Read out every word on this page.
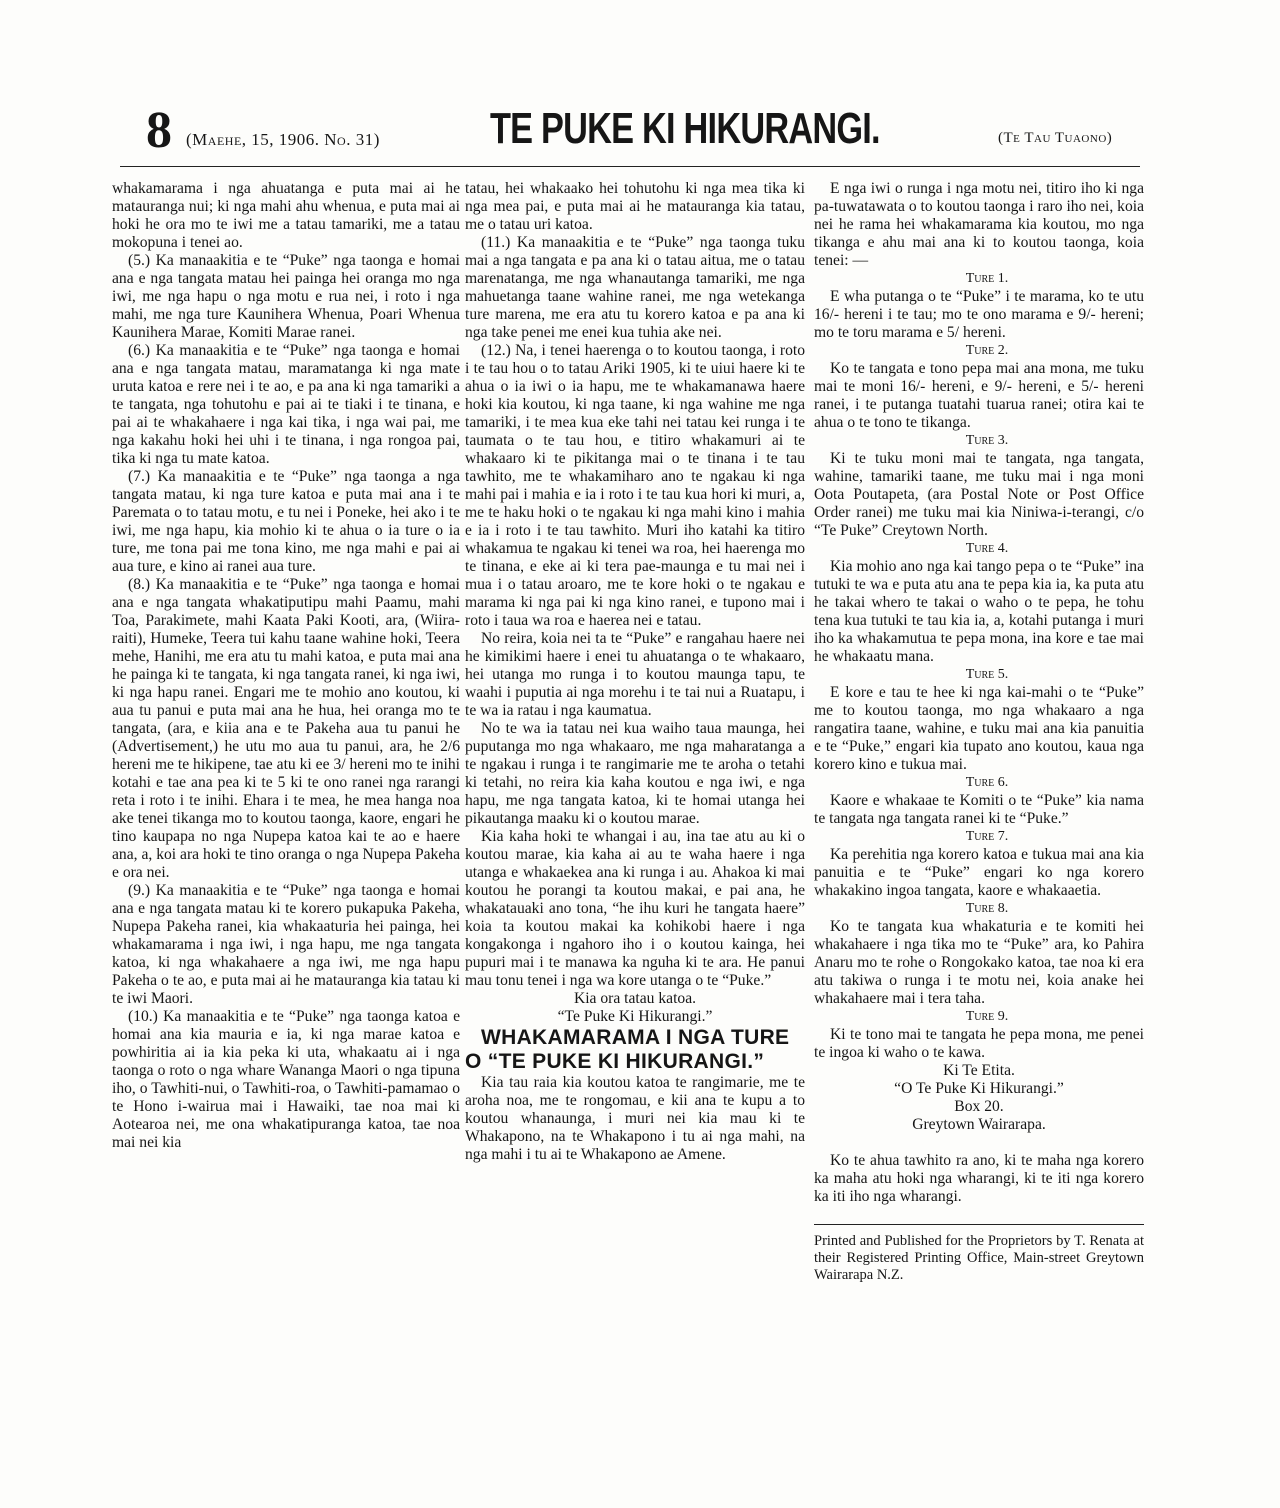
8 (Maehe, 15, 1906. No. 31)	TE PUKE KI HIKURANGI.	(Te Tau Tuaono)

whakamarama i nga ahuatanga e puta mai ai he matauranga nui; ki nga mahi ahu whenua, e puta mai ai hoki he ora mo te iwi me a tatau tamariki, me a tatau mokopuna i tenei ao.

(5.) Ka manaakitia e te “Puke” nga taonga e homai ana e nga tangata matau hei painga hei oranga mo nga iwi, me nga hapu o nga motu e rua nei, i roto i nga mahi, me nga ture Kaunihera Whenua, Poari Whenua Kaunihera Marae, Komiti Marae ranei.

(6.) Ka manaakitia e te “Puke” nga taonga e homai ana e nga tangata matau, maramatanga ki nga mate uruta katoa e rere nei i te ao, e pa ana ki nga tamariki a te tangata, nga tohutohu e pai ai te tiaki i te tinana, e pai ai te whakahaere i nga kai tika, i nga wai pai, me nga kakahu hoki hei uhi i te tinana, i nga rongoa pai, tika ki nga tu mate katoa.

(7.) Ka manaakitia e te “Puke” nga taonga a nga tangata matau, ki nga ture katoa e puta mai ana i te Paremata o to tatau motu, e tu nei i Poneke, hei ako i te iwi, me nga hapu, kia mohio ki te ahua o ia ture o ia ture, me tona pai me tona kino, me nga mahi e pai ai aua ture, e kino ai ranei aua ture.

(8.) Ka manaakitia e te “Puke” nga taonga e homai ana e nga tangata whakatiputipu mahi Paamu, mahi Toa, Parakimete, mahi Kaata Paki Kooti, ara, (Wiira-raiti), Humeke, Teera tui kahu taane wahine hoki, Teera mehe, Hanihi, me era atu tu mahi katoa, e puta mai ana he painga ki te tangata, ki nga tangata ranei, ki nga iwi, ki nga hapu ranei. Engari me te mohio ano koutou, ki aua tu panui e puta mai ana he hua, hei oranga mo te tangata, (ara, e kiia ana e te Pakeha aua tu panui he (Advertisement,) he utu mo aua tu panui, ara, he 2/6 hereni me te hikipene, tae atu ki ee 3/ hereni mo te inihi kotahi e tae ana pea ki te 5 ki te ono ranei nga rarangi reta i roto i te inihi. Ehara i te mea, he mea hanga noa ake tenei tikanga mo to koutou taonga, kaore, engari he tino kaupapa no nga Nupepa katoa kai te ao e haere ana, a, koi ara hoki te tino oranga o nga Nupepa Pakeha e ora nei.

(9.) Ka manaakitia e te “Puke” nga taonga e homai ana e nga tangata matau ki te korero pukapuka Pakeha, Nupepa Pakeha ranei, kia whakaaturia hei painga, hei whakamarama i nga iwi, i nga hapu, me nga tangata katoa, ki nga whakahaere a nga iwi, me nga hapu Pakeha o te ao, e puta mai ai he matauranga kia tatau ki te iwi Maori.

(10.) Ka manaakitia e te “Puke” nga taonga katoa e homai ana kia mauria e ia, ki nga marae katoa e powhiritia ai ia kia peka ki uta, whakaatu ai i nga taonga o roto o nga whare Wananga Maori o nga tipuna iho, o Tawhiti-nui, o Tawhiti-roa, o Tawhiti-pamamao o te Hono i-wairua mai i Hawaiki, tae noa mai ki Aotearoa nei, me ona whakatipuranga katoa, tae noa mai nei kia

tatau, hei whakaako hei tohutohu ki nga mea tika ki nga mea pai, e puta mai ai he matauranga kia tatau, me o tatau uri katoa.

(11.) Ka manaakitia e te “Puke” nga taonga tuku mai a nga tangata e pa ana ki o tatau aitua, me o tatau marenatanga, me nga whanautanga tamariki, me nga mahuetanga taane wahine ranei, me nga wetekanga ture marena, me era atu tu korero katoa e pa ana ki nga take penei me enei kua tuhia ake nei.

(12.) Na, i tenei haerenga o to koutou taonga, i roto i te tau hou o to tatau Ariki 1905, ki te uiui haere ki te ahua o ia iwi o ia hapu, me te whakamanawa haere hoki kia koutou, ki nga taane, ki nga wahine me nga tamariki, i te mea kua eke tahi nei tatau kei runga i te taumata o te tau hou, e titiro whakamuri ai te whakaaro ki te pikitanga mai o te tinana i te tau tawhito, me te whakamiharo ano te ngakau ki nga mahi pai i mahia e ia i roto i te tau kua hori ki muri, a, me te haku hoki o te ngakau ki nga mahi kino i mahia e ia i roto i te tau tawhito. Muri iho katahi ka titiro whakamua te ngakau ki tenei wa roa, hei haerenga mo te tinana, e eke ai ki tera pae-maunga e tu mai nei i mua i o tatau aroaro, me te kore hoki o te ngakau e marama ki nga pai ki nga kino ranei, e tupono mai i roto i taua wa roa e haerea nei e tatau.

No reira, koia nei ta te “Puke” e rangahau haere nei he kimikimi haere i enei tu ahuatanga o te whakaaro, hei utanga mo runga i to koutou maunga tapu, te waahi i puputia ai nga morehu i te tai nui a Ruatapu, i te wa ia ratau i nga kaumatua.

No te wa ia tatau nei kua waiho taua maunga, hei puputanga mo nga whakaaro, me nga maharatanga a te ngakau i runga i te rangimarie me te aroha o tetahi ki tetahi, no reira kia kaha koutou e nga iwi, e nga hapu, me nga tangata katoa, ki te homai utanga hei pikautanga maaku ki o koutou marae.

Kia kaha hoki te whangai i au, ina tae atu au ki o koutou marae, kia kaha ai au te waha haere i nga utanga e whakaekea ana ki runga i au. Ahakoa ki mai koutou he porangi ta koutou makai, e pai ana, he whakatauaki ano tona, “he ihu kuri he tangata haere” koia ta koutou makai ka kohikobi haere i nga kongakonga i ngahoro iho i o koutou kainga, hei pupuri mai i te manawa ka nguha ki te ara. He panui mau tonu tenei i nga wa kore utanga o te “Puke.”

Kia ora tatau katoa.

“Te Puke Ki Hikurangi.”

WHAKAMARAMA I NGA TURE O “TE PUKE KI HIKURANGI.”

Kia tau raia kia koutou katoa te rangimarie, me te aroha noa, me te rongomau, e kii ana te kupu a to koutou whanaunga, i muri nei kia mau ki te Whakapono, na te Whakapono i tu ai nga mahi, na nga mahi i tu ai te Whakapono ae Amene.

E nga iwi o runga i nga motu nei, titiro iho ki nga pa-tuwatawata o to koutou taonga i raro iho nei, koia nei he rama hei whakamarama kia koutou, mo nga tikanga e ahu mai ana ki to koutou taonga, koia tenei: —

Ture 1.

E wha putanga o te “Puke” i te marama, ko te utu 16/- hereni i te tau; mo te ono marama e 9/- hereni; mo te toru marama e 5/ hereni.

Ture 2.

Ko te tangata e tono pepa mai ana mona, me tuku mai te moni 16/- hereni, e 9/- hereni, e 5/- hereni ranei, i te putanga tuatahi tuarua ranei; otira kai te ahua o te tono te tikanga.

Ture 3.

Ki te tuku moni mai te tangata, nga tangata, wahine, tamariki taane, me tuku mai i nga moni Oota Poutapeta, (ara Postal Note or Post Office Order ranei) me tuku mai kia Niniwa-i-terangi, c/o “Te Puke” Creytown North.

Ture 4.

Kia mohio ano nga kai tango pepa o te “Puke” ina tutuki te wa e puta atu ana te pepa kia ia, ka puta atu he takai whero te takai o waho o te pepa, he tohu tena kua tutuki te tau kia ia, a, kotahi putanga i muri iho ka whakamutua te pepa mona, ina kore e tae mai he whakaatu mana.

Ture 5.

E kore e tau te hee ki nga kai-mahi o te “Puke” me to koutou taonga, mo nga whakaaro a nga rangatira taane, wahine, e tuku mai ana kia panuitia e te “Puke,” engari kia tupato ano koutou, kaua nga korero kino e tukua mai.

Ture 6.

Kaore e whakaae te Komiti o te “Puke” kia nama te tangata nga tangata ranei ki te “Puke.”

Ture 7.

Ka perehitia nga korero katoa e tukua mai ana kia panuitia e te “Puke” engari ko nga korero whakakino ingoa tangata, kaore e whakaaetia.

Ture 8.

Ko te tangata kua whakaturia e te komiti hei whakahaere i nga tika mo te “Puke” ara, ko Pahira Anaru mo te rohe o Rongokako katoa, tae noa ki era atu takiwa o runga i te motu nei, koia anake hei whakahaere mai i tera taha.

Ture 9.

Ki te tono mai te tangata he pepa mona, me penei te ingoa ki waho o te kawa.

Ki Te Etita.

“O Te Puke Ki Hikurangi.”

Box 20.

Greytown Wairarapa.

Ko te ahua tawhito ra ano, ki te maha nga korero ka maha atu hoki nga wharangi, ki te iti nga korero ka iti iho nga wharangi.

Printed and Published for the Proprietors by T. Renata at their Registered Printing Office, Main-street Greytown Wairarapa N.Z.
